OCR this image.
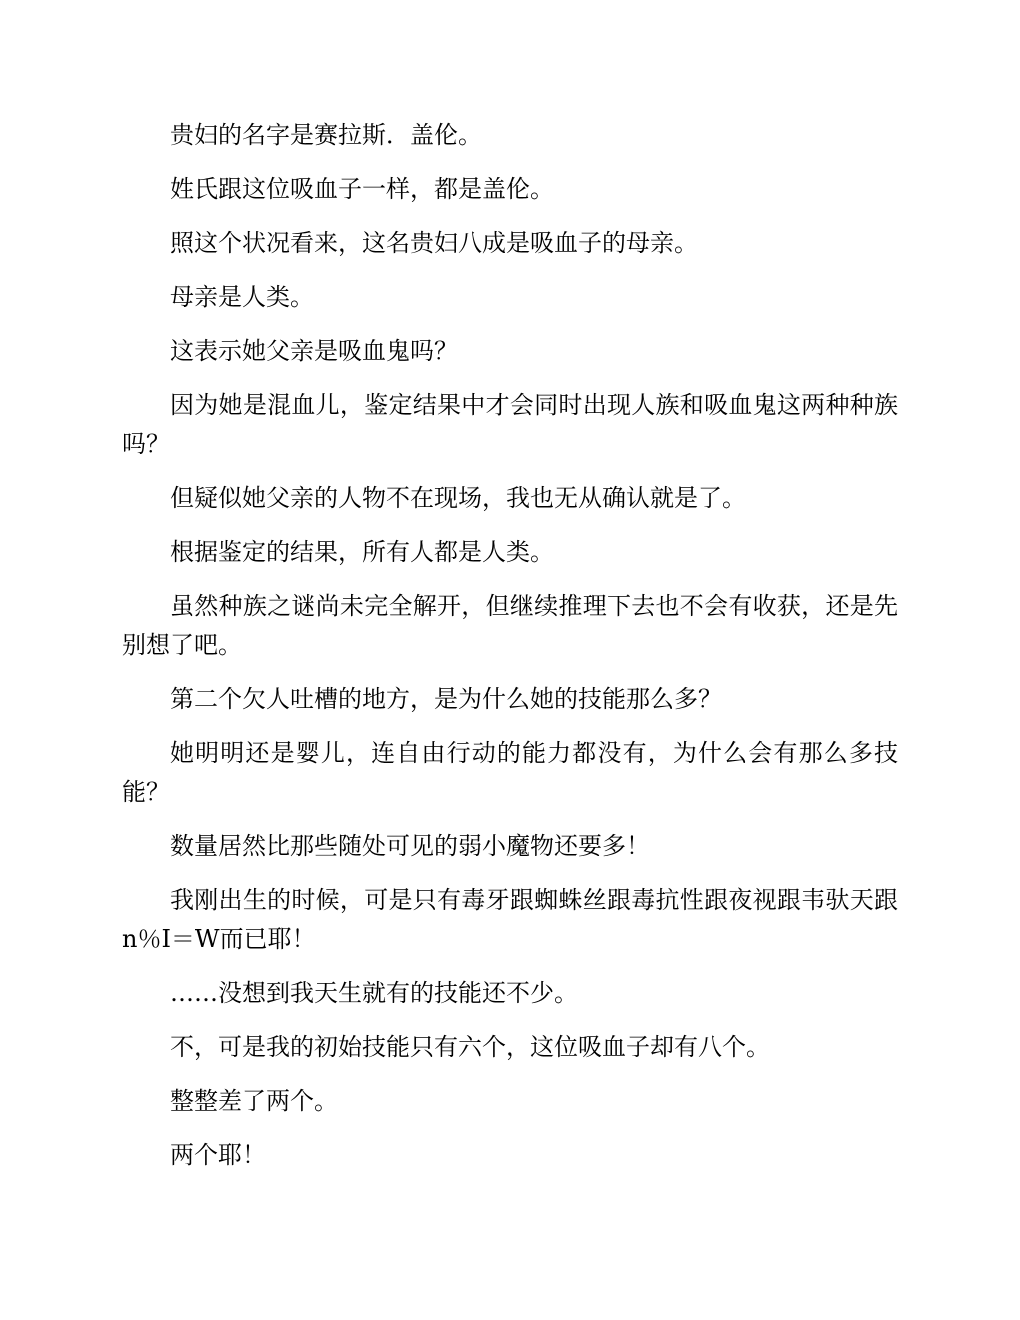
贵妇的名字是赛拉斯．盖伦。

姓氏跟这位吸血子一样，都是盖伦。

照这个状况看来，这名贵妇八成是吸血子的母亲。

母亲是人类。

这表示她父亲是吸血鬼吗？

因为她是混血儿，鉴定结果中才会同时出现人族和吸血鬼这两种种族吗？

但疑似她父亲的人物不在现场，我也无从确认就是了。

根据鉴定的结果，所有人都是人类。

虽然种族之谜尚未完全解开，但继续推理下去也不会有收获，还是先别想了吧。

第二个欠人吐槽的地方，是为什么她的技能那么多？

她明明还是婴儿，连自由行动的能力都没有，为什么会有那么多技能？

数量居然比那些随处可见的弱小魔物还要多！

我刚出生的时候，可是只有毒牙跟蜘蛛丝跟毒抗性跟夜视跟韦驮天跟n％I＝W而已耶！

……没想到我天生就有的技能还不少。

不，可是我的初始技能只有六个，这位吸血子却有八个。

整整差了两个。

两个耶！
